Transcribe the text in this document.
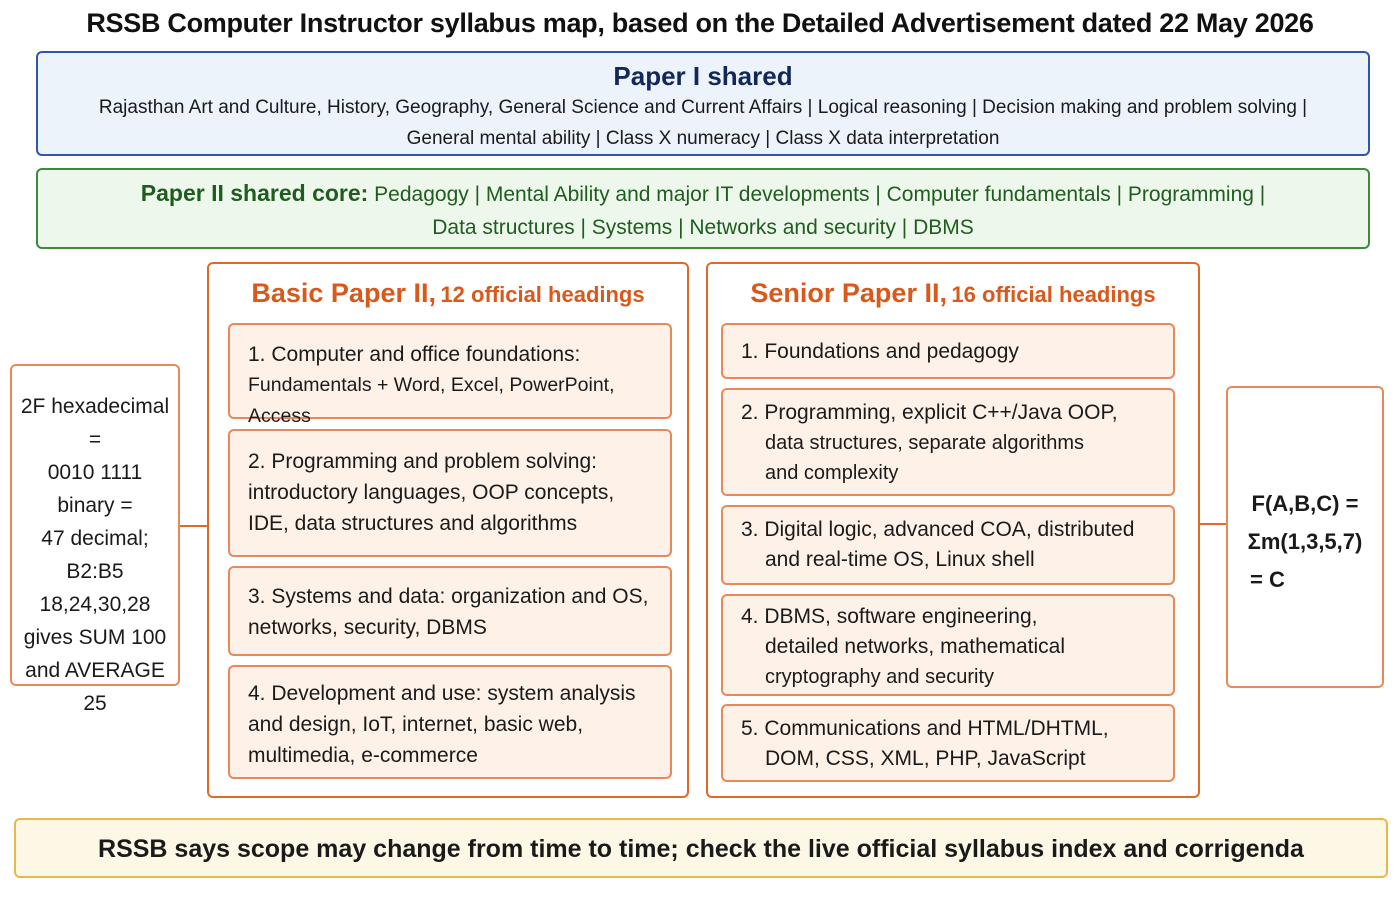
RSSB Computer Instructor syllabus map, based on the Detailed Advertisement dated 22 May 2026
Paper I shared
Rajasthan Art and Culture, History, Geography, General Science and Current Affairs | Logical reasoning | Decision making and problem solving |
General mental ability | Class X numeracy | Class X data interpretation
Paper II shared core: Pedagogy | Mental Ability and major IT developments | Computer fundamentals | Programming |
Data structures | Systems | Networks and security | DBMS
2F hexadecimal =
0010 1111
binary =
47 decimal;
B2:B5
18,24,30,28
gives SUM 100
and AVERAGE 25
Basic Paper II, 12 official headings
1. Computer and office foundations:
Fundamentals + Word, Excel, PowerPoint, Access
2. Programming and problem solving:
introductory languages, OOP concepts,
IDE, data structures and algorithms
3. Systems and data: organization and OS,
networks, security, DBMS
4. Development and use: system analysis
and design, IoT, internet, basic web,
multimedia, e-commerce
Senior Paper II, 16 official headings
1. Foundations and pedagogy
2. Programming, explicit C++/Java OOP,
data structures, separate algorithms
and complexity
3. Digital logic, advanced COA, distributed
and real-time OS, Linux shell
4. DBMS, software engineering,
detailed networks, mathematical
cryptography and security
5. Communications and HTML/DHTML,
DOM, CSS, XML, PHP, JavaScript
F(A,B,C) =
Σm(1,3,5,7)
= C
RSSB says scope may change from time to time; check the live official syllabus index and corrigenda
